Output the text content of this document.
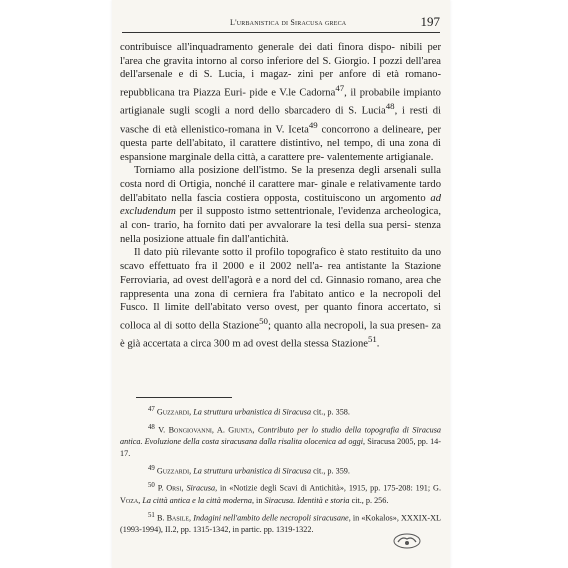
L'urbanistica di Siracusa greca	197

contribuisce all'inquadramento generale dei dati finora dispo- nibili per l'area che gravita intorno al corso inferiore del S. Giorgio. I pozzi dell'area dell'arsenale e di S. Lucia, i magaz- zini per anfore di età romano-repubblicana tra Piazza Euri- pide e V.le Cadorna$^{47}$, il probabile impianto artigianale sugli scogli a nord dello sbarcadero di S. Lucia$^{48}$, i resti di vasche di età ellenistico-romana in V. Iceta$^{49}$ concorrono a delineare, per questa parte dell'abitato, il carattere distintivo, nel tempo, di una zona di espansione marginale della città, a carattere pre- valentemente artigianale.

Torniamo alla posizione dell'istmo. Se la presenza degli arsenali sulla costa nord di Ortigia, nonché il carattere mar- ginale e relativamente tardo dell'abitato nella fascia costiera opposta, costituiscono un argomento ad excludendum per il supposto istmo settentrionale, l'evidenza archeologica, al con- trario, ha fornito dati per avvalorare la tesi della sua persi- stenza nella posizione attuale fin dall'antichità.

Il dato più rilevante sotto il profilo topografico è stato restituito da uno scavo effettuato fra il 2000 e il 2002 nell'a- rea antistante la Stazione Ferroviaria, ad ovest dell'agorà e a nord del cd. Ginnasio romano, area che rappresenta una zona di cerniera fra l'abitato antico e la necropoli del Fusco. Il limite dell'abitato verso ovest, per quanto finora accertato, si colloca al di sotto della Stazione$^{50}$; quanto alla necropoli, la sua presen- za è già accertata a circa 300 m ad ovest della stessa Stazione$^{51}$.

$^{47}$ Guzzardi, La struttura urbanistica di Siracusa cit., p. 358.

$^{48}$ V. Bongiovanni, A. Giunta, Contributo per lo studio della topografia di Siracusa antica. Evoluzione della costa siracusana dalla risalita olocenica ad oggi, Siracusa 2005, pp. 14-17.

$^{49}$ Guzzardi, La struttura urbanistica di Siracusa cit., p. 359.

$^{50}$ P. Orsi, Siracusa, in «Notizie degli Scavi di Antichità», 1915, pp. 175-208: 191; G. Voza, La città antica e la città moderna, in Siracusa. Identità e storia cit., p. 256.

$^{51}$ B. Basile, Indagini nell'ambito delle necropoli siracusane, in «Kokalos», XXXIX-XL (1993-1994), II.2, pp. 1315-1342, in partic. pp. 1319-1322.
